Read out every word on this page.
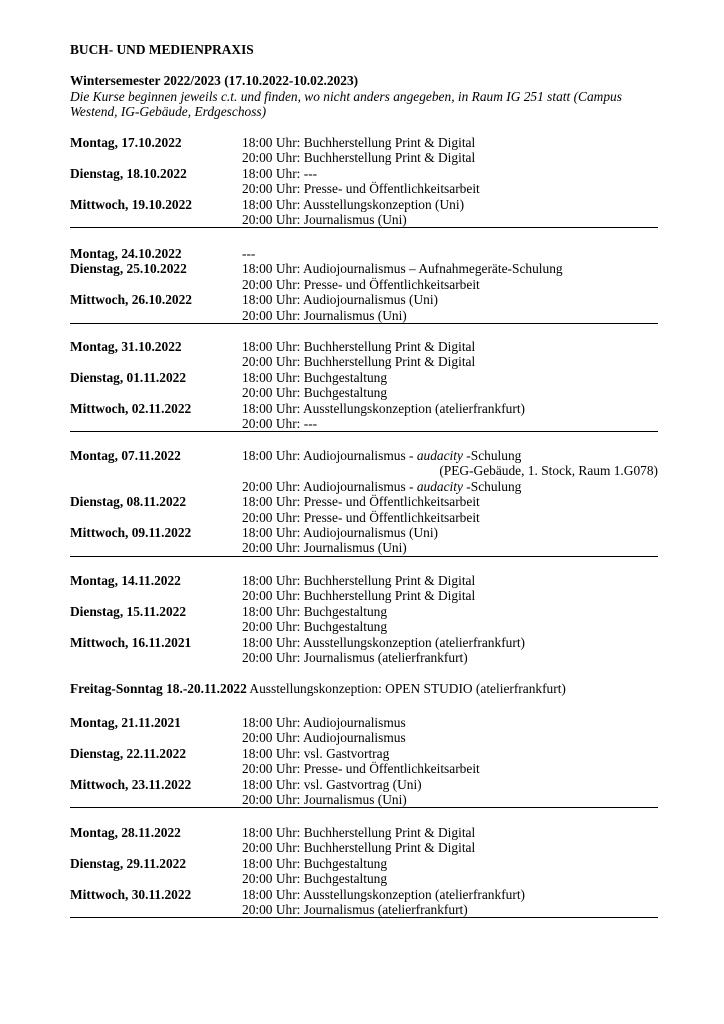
BUCH- UND MEDIENPRAXIS
Wintersemester 2022/2023 (17.10.2022-10.02.2023)
Die Kurse beginnen jeweils c.t. und finden, wo nicht anders angegeben, in Raum IG 251 statt (Campus Westend, IG-Gebäude, Erdgeschoss)
Montag, 17.10.2022	18:00 Uhr: Buchherstellung Print & Digital
20:00 Uhr: Buchherstellung Print & Digital
Dienstag, 18.10.2022	18:00 Uhr: ---
20:00 Uhr: Presse- und Öffentlichkeitsarbeit
Mittwoch, 19.10.2022	18:00 Uhr: Ausstellungskonzeption (Uni)
20:00 Uhr: Journalismus (Uni)
Montag, 24.10.2022	---
Dienstag, 25.10.2022	18:00 Uhr: Audiojournalismus – Aufnahmegeräte-Schulung
20:00 Uhr: Presse- und Öffentlichkeitsarbeit
Mittwoch, 26.10.2022	18:00 Uhr: Audiojournalismus (Uni)
20:00 Uhr: Journalismus (Uni)
Montag, 31.10.2022	18:00 Uhr: Buchherstellung Print & Digital
20:00 Uhr: Buchherstellung Print & Digital
Dienstag, 01.11.2022	18:00 Uhr: Buchgestaltung
20:00 Uhr: Buchgestaltung
Mittwoch, 02.11.2022	18:00 Uhr: Ausstellungskonzeption (atelierfrankfurt)
20:00 Uhr: ---
Montag, 07.11.2022	18:00 Uhr: Audiojournalismus - audacity -Schulung
(PEG-Gebäude, 1. Stock, Raum 1.G078)
20:00 Uhr: Audiojournalismus - audacity -Schulung
Dienstag, 08.11.2022	18:00 Uhr: Presse- und Öffentlichkeitsarbeit
20:00 Uhr: Presse- und Öffentlichkeitsarbeit
Mittwoch, 09.11.2022	18:00 Uhr: Audiojournalismus (Uni)
20:00 Uhr: Journalismus (Uni)
Montag, 14.11.2022	18:00 Uhr: Buchherstellung Print & Digital
20:00 Uhr: Buchherstellung Print & Digital
Dienstag, 15.11.2022	18:00 Uhr: Buchgestaltung
20:00 Uhr: Buchgestaltung
Mittwoch, 16.11.2021	18:00 Uhr: Ausstellungskonzeption (atelierfrankfurt)
20:00 Uhr: Journalismus (atelierfrankfurt)
Montag, 21.11.2021	18:00 Uhr: Audiojournalismus
20:00 Uhr: Audiojournalismus
Dienstag, 22.11.2022	18:00 Uhr: vsl. Gastvortrag
20:00 Uhr: Presse- und Öffentlichkeitsarbeit
Mittwoch, 23.11.2022	18:00 Uhr: vsl. Gastvortrag (Uni)
20:00 Uhr: Journalismus (Uni)
Montag, 28.11.2022	18:00 Uhr: Buchherstellung Print & Digital
20:00 Uhr: Buchherstellung Print & Digital
Dienstag, 29.11.2022	18:00 Uhr: Buchgestaltung
20:00 Uhr: Buchgestaltung
Mittwoch, 30.11.2022	18:00 Uhr: Ausstellungskonzeption (atelierfrankfurt)
20:00 Uhr: Journalismus (atelierfrankfurt)
Freitag-Sonntag 18.-20.11.2022 Ausstellungskonzeption: OPEN STUDIO (atelierfrankfurt)
